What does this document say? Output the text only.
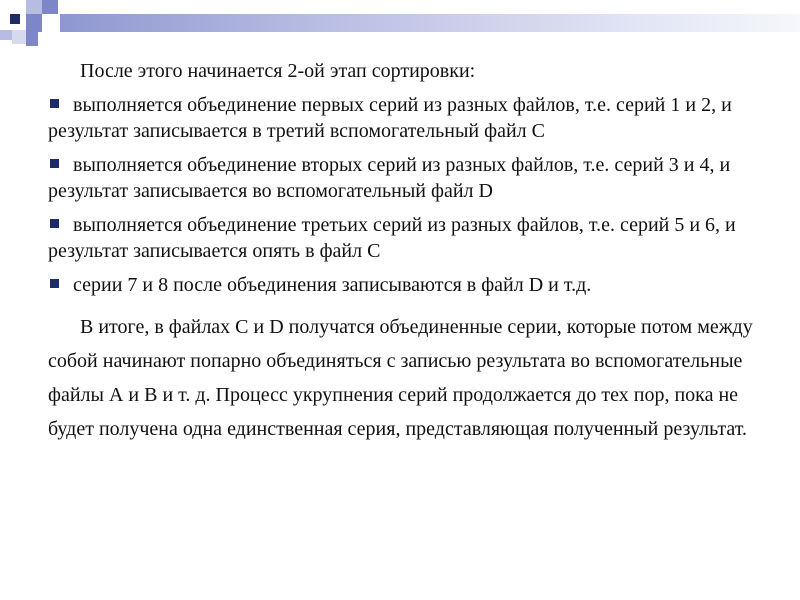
После этого начинается 2-ой этап сортировки:

выполняется объединение первых серий из разных файлов, т.е. серий 1 и 2, и результат записывается в третий вспомогательный файл С
выполняется объединение вторых серий из разных файлов, т.е. серий 3 и 4, и результат записывается во вспомогательный файл D
выполняется объединение третьих серий из разных файлов, т.е. серий 5 и 6, и результат записывается опять в файл С
серии 7 и 8 после объединения записываются в файл D и т.д.

В итоге, в файлах С и D получатся объединенные серии, которые потом между собой начинают попарно объединяться с записью результата во вспомогательные файлы А и В и т. д. Процесс укрупнения серий продолжается до тех пор, пока не будет получена одна единственная серия, представляющая полученный результат.
